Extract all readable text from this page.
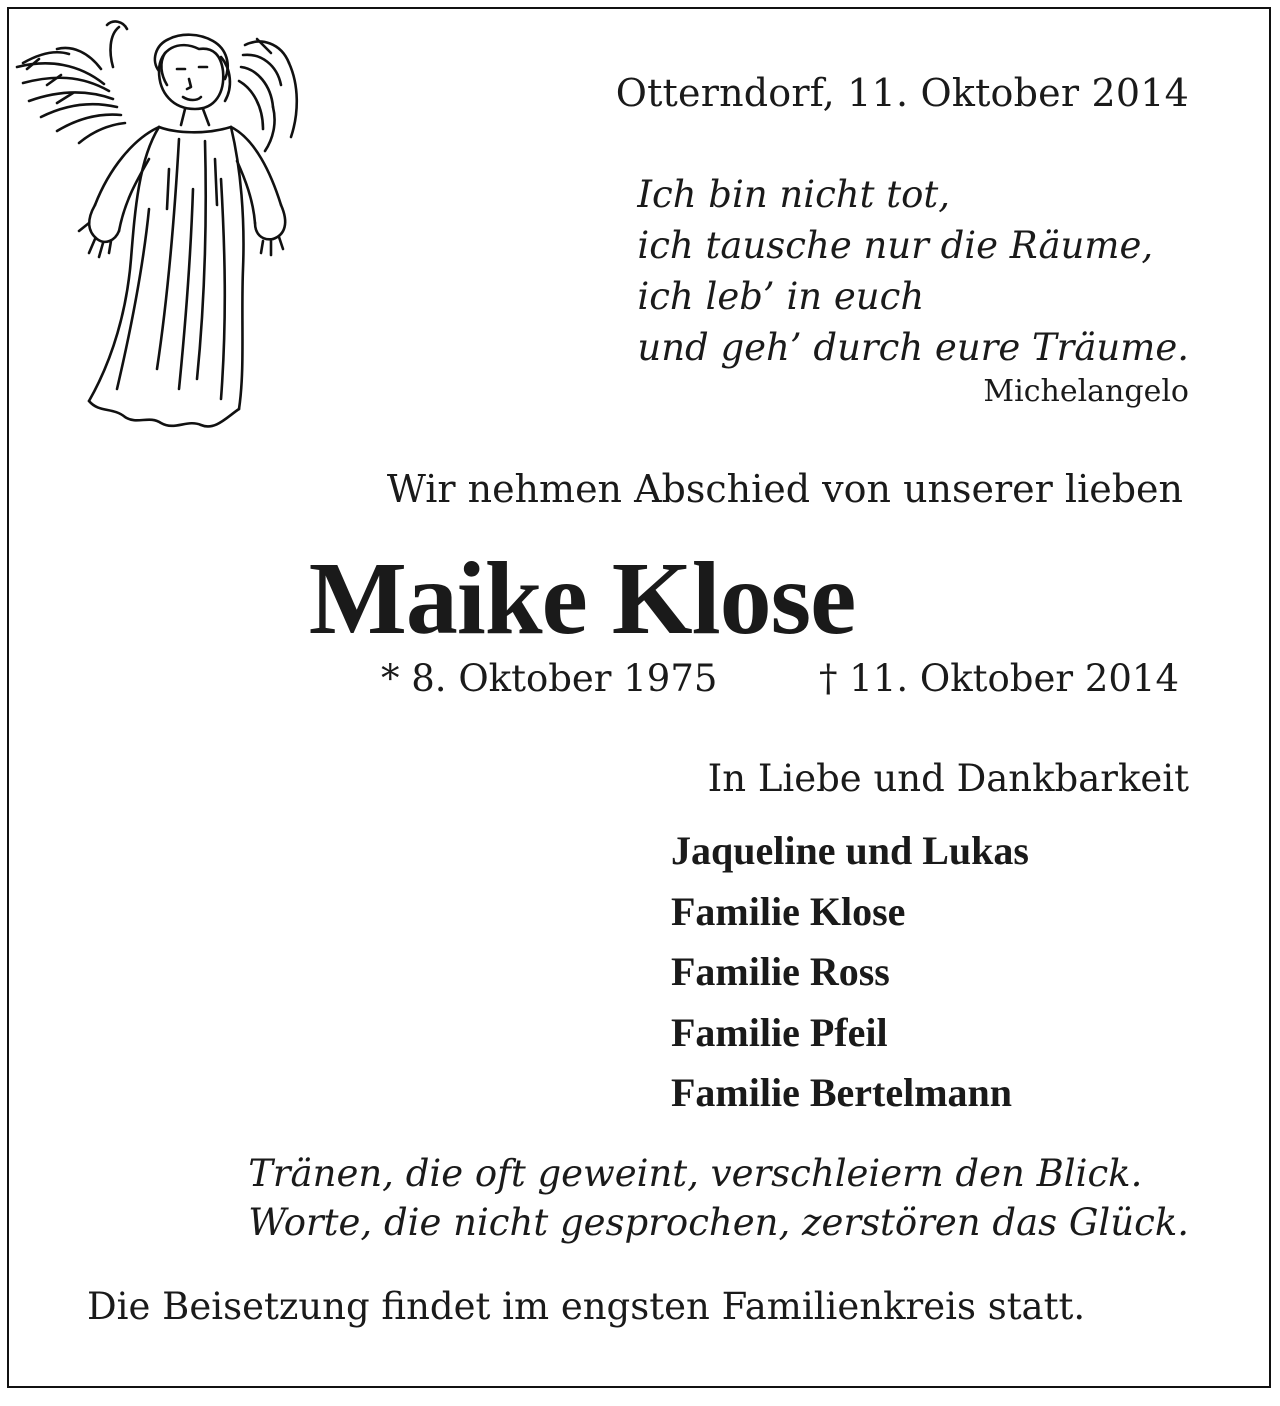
Otterndorf, 11. Oktober 2014
Ich bin nicht tot,
ich tausche nur die Räume,
ich leb’ in euch
und geh’ durch eure Träume.
Michelangelo
Wir nehmen Abschied von unserer lieben
Maike Klose
* 8. Oktober 1975	† 11. Oktober 2014
In Liebe und Dankbarkeit
Jaqueline und Lukas
Familie Klose
Familie Ross
Familie Pfeil
Familie Bertelmann
Tränen, die oft geweint, verschleiern den Blick.
Worte, die nicht gesprochen, zerstören das Glück.
Die Beisetzung findet im engsten Familienkreis statt.
